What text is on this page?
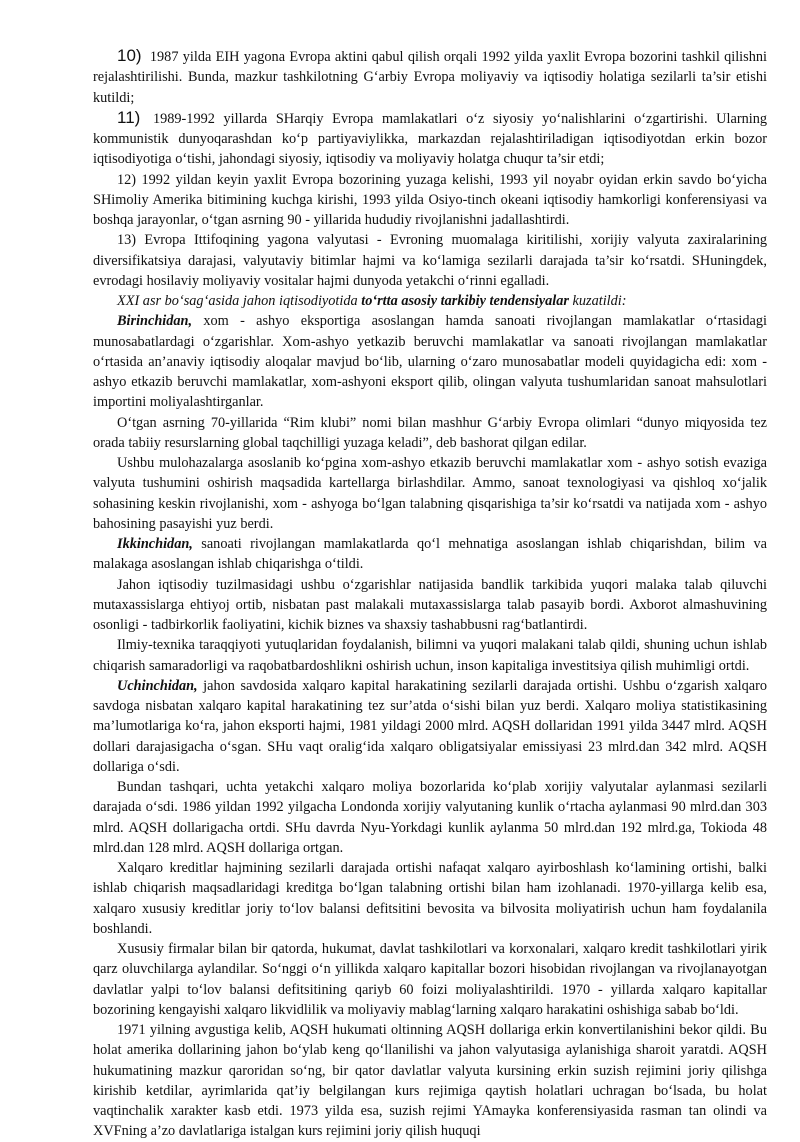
10) 1987 yilda EIH yagona Evropa aktini qabul qilish orqali 1992 yilda yaxlit Evropa bozorini tashkil qilishni rejalashtirilishi. Bunda, mazkur tashkilotning G‘arbiy Evropa moliyaviy va iqtisodiy holatiga sezilarli ta’sir etishi kutildi;

11) 1989-1992 yillarda SHarqiy Evropa mamlakatlari o‘z siyosiy yo‘nalishlarini o‘zgartirishi. Ularning kommunistik dunyoqarashdan ko‘p partiyaviylikka, markazdan rejalashtiriladigan iqtisodiyotdan erkin bozor iqtisodiyotiga o‘tishi, jahondagi siyosiy, iqtisodiy va moliyaviy holatga chuqur ta’sir etdi;

12) 1992 yildan keyin yaxlit Evropa bozorining yuzaga kelishi, 1993 yil noyabr oyidan erkin savdo bo‘yicha SHimoliy Amerika bitimining kuchga kirishi, 1993 yilda Osiyo-tinch okeani iqtisodiy hamkorligi konferensiyasi va boshqa jarayonlar, o‘tgan asrning 90 - yillarida hududiy rivojlanishni jadallashtirdi.

13) Evropa Ittifoqining yagona valyutasi - Evroning muomalaga kiritilishi, xorijiy valyuta zaxiralarining diversifikatsiya darajasi, valyutaviy bitimlar hajmi va ko‘lamiga sezilarli darajada ta’sir ko‘rsatdi. SHuningdek, evrodagi hosilaviy moliyaviy vositalar hajmi dunyoda yetakchi o‘rinni egalladi.

XXI asr bo‘sag‘asida jahon iqtisodiyotida to‘rtta asosiy tarkibiy tendensiyalar kuzatildi:

Birinchidan, xom - ashyo eksportiga asoslangan hamda sanoati rivojlangan mamlakatlar o‘rtasidagi munosabatlardagi o‘zgarishlar. Xom-ashyo yetkazib beruvchi mamlakatlar va sanoati rivojlangan mamlakatlar o‘rtasida an’anaviy iqtisodiy aloqalar mavjud bo‘lib, ularning o‘zaro munosabatlar modeli quyidagicha edi: xom - ashyo etkazib beruvchi mamlakatlar, xom-ashyoni eksport qilib, olingan valyuta tushumlaridan sanoat mahsulotlari importini moliyalashtirganlar.

O‘tgan asrning 70-yillarida “Rim klubi” nomi bilan mashhur G‘arbiy Evropa olimlari “dunyo miqyosida tez orada tabiiy resurslarning global taqchilligi yuzaga keladi”, deb bashorat qilgan edilar.

Ushbu mulohazalarga asoslanib ko‘pgina xom-ashyo etkazib beruvchi mamlakatlar xom - ashyo sotish evaziga valyuta tushumini oshirish maqsadida kartellarga birlashdilar. Ammo, sanoat texnologiyasi va qishloq xo‘jalik sohasining keskin rivojlanishi, xom - ashyoga bo‘lgan talabning qisqarishiga ta’sir ko‘rsatdi va natijada xom - ashyo bahosining pasayishi yuz berdi.

Ikkinchidan, sanoati rivojlangan mamlakatlarda qo‘l mehnatiga asoslangan ishlab chiqarishdan, bilim va malakaga asoslangan ishlab chiqarishga o‘tildi.

Jahon iqtisodiy tuzilmasidagi ushbu o‘zgarishlar natijasida bandlik tarkibida yuqori malaka talab qiluvchi mutaxassislarga ehtiyoj ortib, nisbatan past malakali mutaxassislarga talab pasayib bordi. Axborot almashuvining osonligi - tadbirkorlik faoliyatini, kichik biznes va shaxsiy tashabbusni rag‘batlantirdi.

Ilmiy-texnika taraqqiyoti yutuqlaridan foydalanish, bilimni va yuqori malakani talab qildi, shuning uchun ishlab chiqarish samaradorligi va raqobatbardoshlikni oshirish uchun, inson kapitaliga investitsiya qilish muhimligi ortdi.

Uchinchidan, jahon savdosida xalqaro kapital harakatining sezilarli darajada ortishi. Ushbu o‘zgarish xalqaro savdoga nisbatan xalqaro kapital harakatining tez sur’atda o‘sishi bilan yuz berdi. Xalqaro moliya statistikasining ma’lumotlariga ko‘ra, jahon eksporti hajmi, 1981 yildagi 2000 mlrd. AQSH dollaridan 1991 yilda 3447 mlrd. AQSH dollari darajasigacha o‘sgan. SHu vaqt oralig‘ida xalqaro obligatsiyalar emissiyasi 23 mlrd.dan 342 mlrd. AQSH dollariga o‘sdi.

Bundan tashqari, uchta yetakchi xalqaro moliya bozorlarida ko‘plab xorijiy valyutalar aylanmasi sezilarli darajada o‘sdi. 1986 yildan 1992 yilgacha Londonda xorijiy valyutaning kunlik o‘rtacha aylanmasi 90 mlrd.dan 303 mlrd. AQSH dollarigacha ortdi. SHu davrda Nyu-Yorkdagi kunlik aylanma 50 mlrd.dan 192 mlrd.ga, Tokioda 48 mlrd.dan 128 mlrd. AQSH dollariga ortgan.

Xalqaro kreditlar hajmining sezilarli darajada ortishi nafaqat xalqaro ayirboshlash ko‘lamining ortishi, balki ishlab chiqarish maqsadlaridagi kreditga bo‘lgan talabning ortishi bilan ham izohlanadi. 1970-yillarga kelib esa, xalqaro xususiy kreditlar joriy to‘lov balansi defitsitini bevosita va bilvosita moliyatirish uchun ham foydalanila boshlandi.

Xususiy firmalar bilan bir qatorda, hukumat, davlat tashkilotlari va korxonalari, xalqaro kredit tashkilotlari yirik qarz oluvchilarga aylandilar. So‘nggi o‘n yillikda xalqaro kapitallar bozori hisobidan rivojlangan va rivojlanayotgan davlatlar yalpi to‘lov balansi defitsitining qariyb 60 foizi moliyalashtirildi. 1970 - yillarda xalqaro kapitallar bozorining kengayishi xalqaro likvidlilik va moliyaviy mablag‘larning xalqaro harakatini oshishiga sabab bo‘ldi.

1971 yilning avgustiga kelib, AQSH hukumati oltinning AQSH dollariga erkin konvertilanishini bekor qildi. Bu holat amerika dollarining jahon bo‘ylab keng qo‘llanilishi va jahon valyutasiga aylanishiga sharoit yaratdi. AQSH hukumatining mazkur qaroridan so‘ng, bir qator davlatlar valyuta kursining erkin suzish rejimini joriy qilishga kirishib ketdilar, ayrimlarida qat’iy belgilangan kurs rejimiga qaytish holatlari uchragan bo‘lsada, bu holat vaqtinchalik xarakter kasb etdi. 1973 yilda esa, suzish rejimi YAmayka konferensiyasida rasman tan olindi va XVFning a’zo davlatlariga istalgan kurs rejimini joriy qilish huquqi
